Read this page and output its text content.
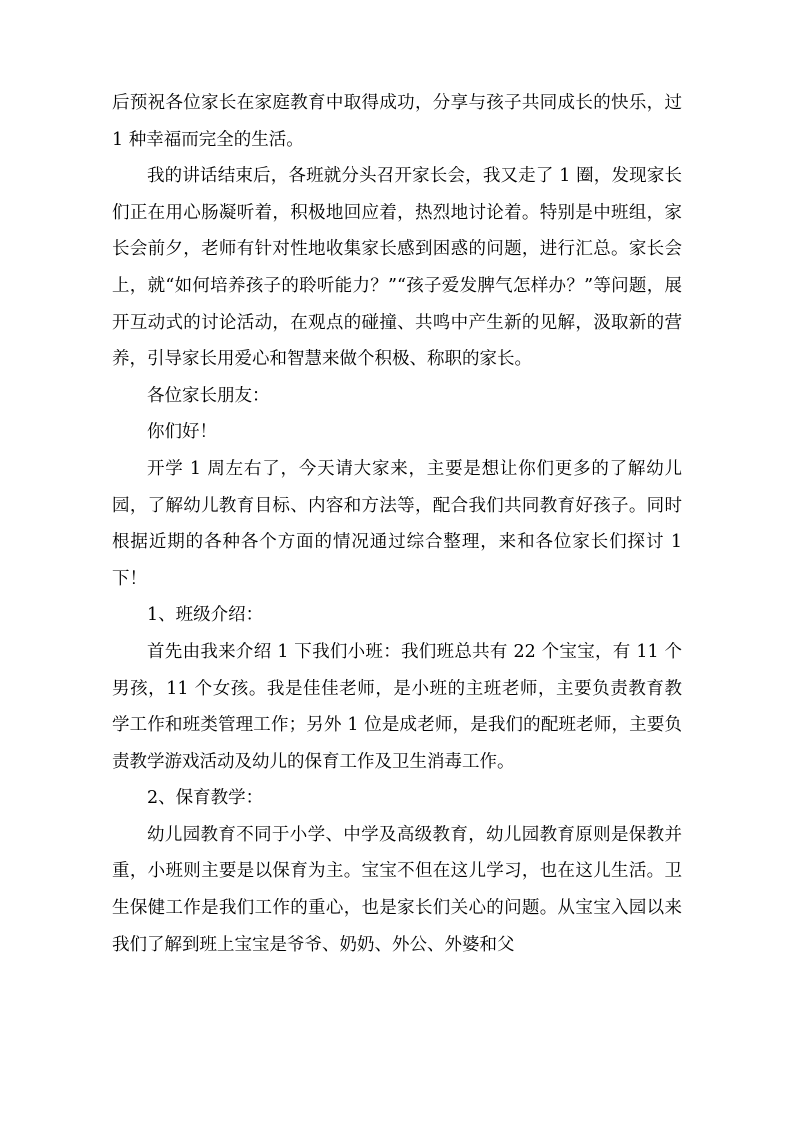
后预祝各位家长在家庭教育中取得成功，分享与孩子共同成长的快乐，过 1 种幸福而完全的生活。

我的讲话结束后，各班就分头召开家长会，我又走了 1 圈，发现家长们正在用心肠凝听着，积极地回应着，热烈地讨论着。特别是中班组，家长会前夕，老师有针对性地收集家长感到困惑的问题，进行汇总。家长会上，就“如何培养孩子的聆听能力？”“孩子爱发脾气怎样办？”等问题，展开互动式的讨论活动，在观点的碰撞、共鸣中产生新的见解，汲取新的营养，引导家长用爱心和智慧来做个积极、称职的家长。

各位家长朋友：

你们好！

开学 1 周左右了，今天请大家来，主要是想让你们更多的了解幼儿园，了解幼儿教育目标、内容和方法等，配合我们共同教育好孩子。同时根据近期的各种各个方面的情况通过综合整理，来和各位家长们探讨 1 下！

1、班级介绍：

首先由我来介绍 1 下我们小班：我们班总共有 22 个宝宝，有 11 个男孩，11 个女孩。我是佳佳老师，是小班的主班老师，主要负责教育教学工作和班类管理工作；另外 1 位是成老师，是我们的配班老师，主要负责教学游戏活动及幼儿的保育工作及卫生消毒工作。

2、保育教学：

幼儿园教育不同于小学、中学及高级教育，幼儿园教育原则是保教并重，小班则主要是以保育为主。宝宝不但在这儿学习，也在这儿生活。卫生保健工作是我们工作的重心，也是家长们关心的问题。从宝宝入园以来我们了解到班上宝宝是爷爷、奶奶、外公、外婆和父
